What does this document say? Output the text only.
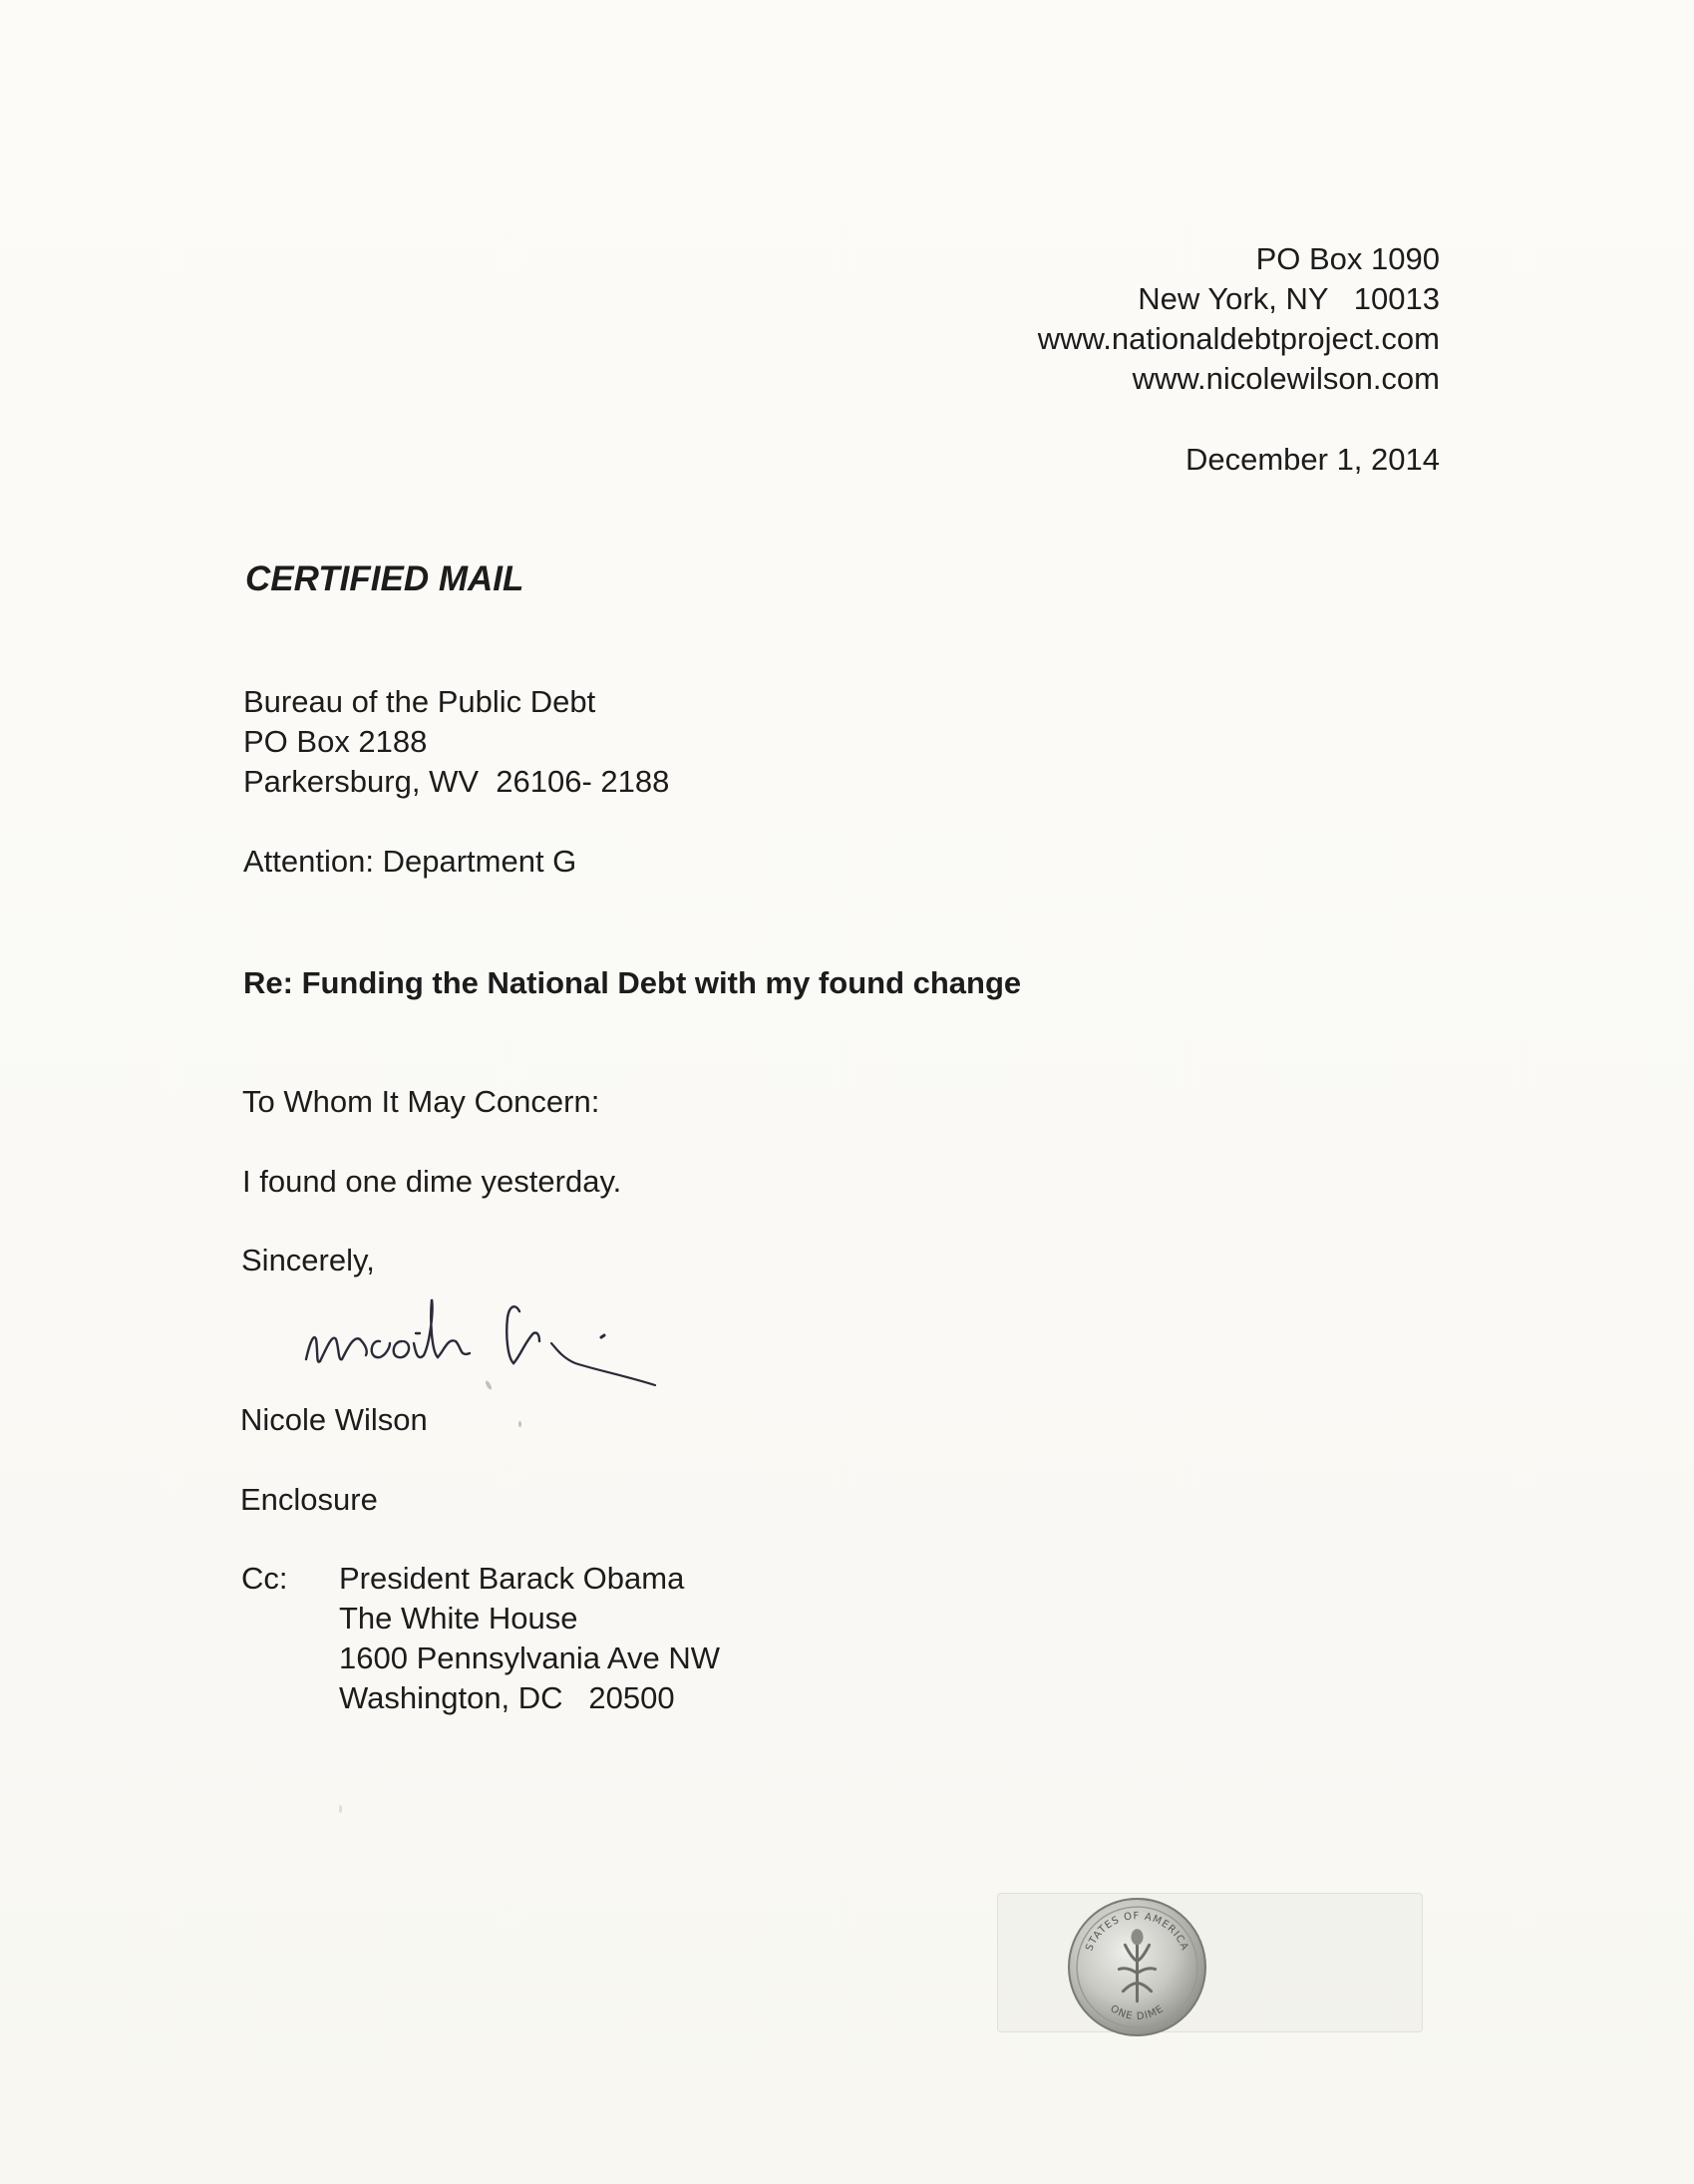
PO Box 1090
New York, NY   10013
www.nationaldebtproject.com
www.nicolewilson.com
December 1, 2014
CERTIFIED MAIL
Bureau of the Public Debt
PO Box 2188
Parkersburg, WV  26106- 2188
Attention: Department G
Re: Funding the National Debt with my found change
To Whom It May Concern:
I found one dime yesterday.
Sincerely,
Nicole Wilson
Enclosure
Cc: President Barack Obama
The White House
1600 Pennsylvania Ave NW
Washington, DC   20500
STATES OF AMERICA
ONE DIME
